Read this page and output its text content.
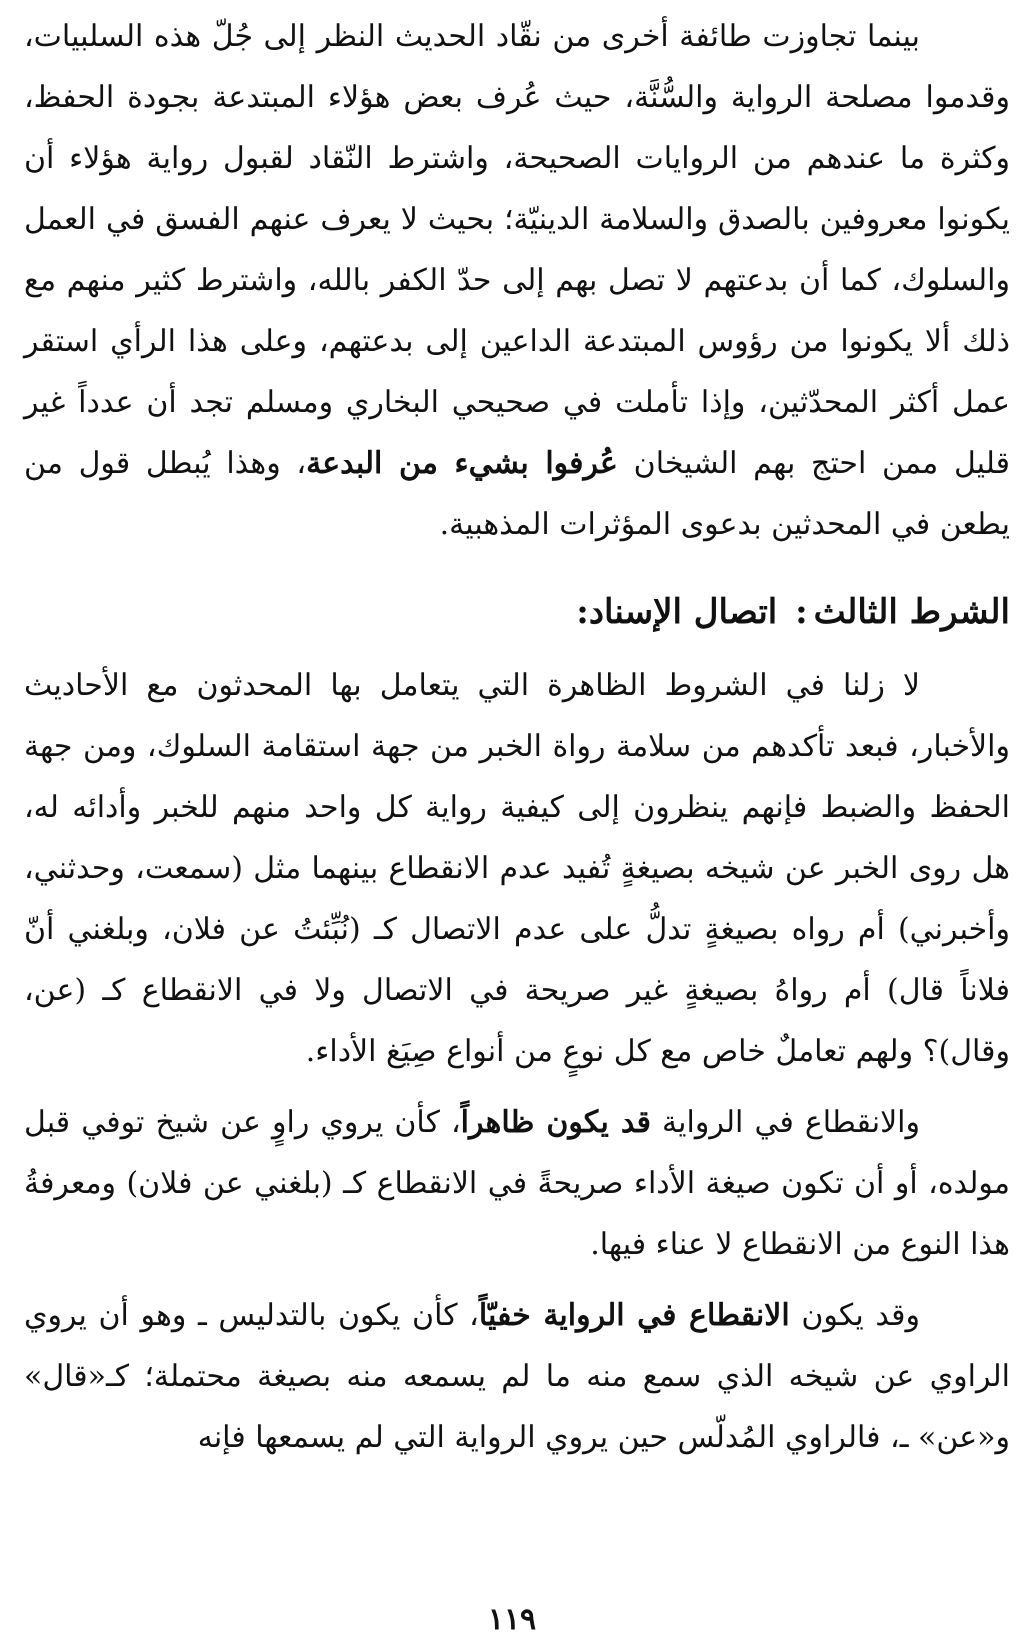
بينما تجاوزت طائفة أخرى من نقّاد الحديث النظر إلى جُلّ هذه السلبيات، وقدموا مصلحة الرواية والسُّنَّة، حيث عُرف بعض هؤلاء المبتدعة بجودة الحفظ، وكثرة ما عندهم من الروايات الصحيحة، واشترط النّقاد لقبول رواية هؤلاء أن يكونوا معروفين بالصدق والسلامة الدينيّة؛ بحيث لا يعرف عنهم الفسق في العمل والسلوك، كما أن بدعتهم لا تصل بهم إلى حدّ الكفر بالله، واشترط كثير منهم مع ذلك ألا يكونوا من رؤوس المبتدعة الداعين إلى بدعتهم، وعلى هذا الرأي استقر عمل أكثر المحدّثين، وإذا تأملت في صحيحي البخاري ومسلم تجد أن عدداً غير قليل ممن احتج بهم الشيخان عُرفوا بشيء من البدعة، وهذا يُبطل قول من يطعن في المحدثين بدعوى المؤثرات المذهبية.

الشرط الثالث: اتصال الإسناد:

لا زلنا في الشروط الظاهرة التي يتعامل بها المحدثون مع الأحاديث والأخبار، فبعد تأكدهم من سلامة رواة الخبر من جهة استقامة السلوك، ومن جهة الحفظ والضبط فإنهم ينظرون إلى كيفية رواية كل واحد منهم للخبر وأدائه له، هل روى الخبر عن شيخه بصيغةٍ تُفيد عدم الانقطاع بينهما مثل (سمعت، وحدثني، وأخبرني) أم رواه بصيغةٍ تدلُّ على عدم الاتصال كـ (نُبِّئتُ عن فلان، وبلغني أنّ فلاناً قال) أم رواهُ بصيغةٍ غير صريحة في الاتصال ولا في الانقطاع كـ (عن، وقال)؟ ولهم تعاملٌ خاص مع كل نوعٍ من أنواع صِيَغ الأداء.

والانقطاع في الرواية قد يكون ظاهراً، كأن يروي راوٍ عن شيخ توفي قبل مولده، أو أن تكون صيغة الأداء صريحةً في الانقطاع كـ (بلغني عن فلان) ومعرفةُ هذا النوع من الانقطاع لا عناء فيها.

وقد يكون الانقطاع في الرواية خفيّاً، كأن يكون بالتدليس ـ وهو أن يروي الراوي عن شيخه الذي سمع منه ما لم يسمعه منه بصيغة محتملة؛ كـ«قال» و«عن» ـ، فالراوي المُدلّس حين يروي الرواية التي لم يسمعها فإنه

١١٩
